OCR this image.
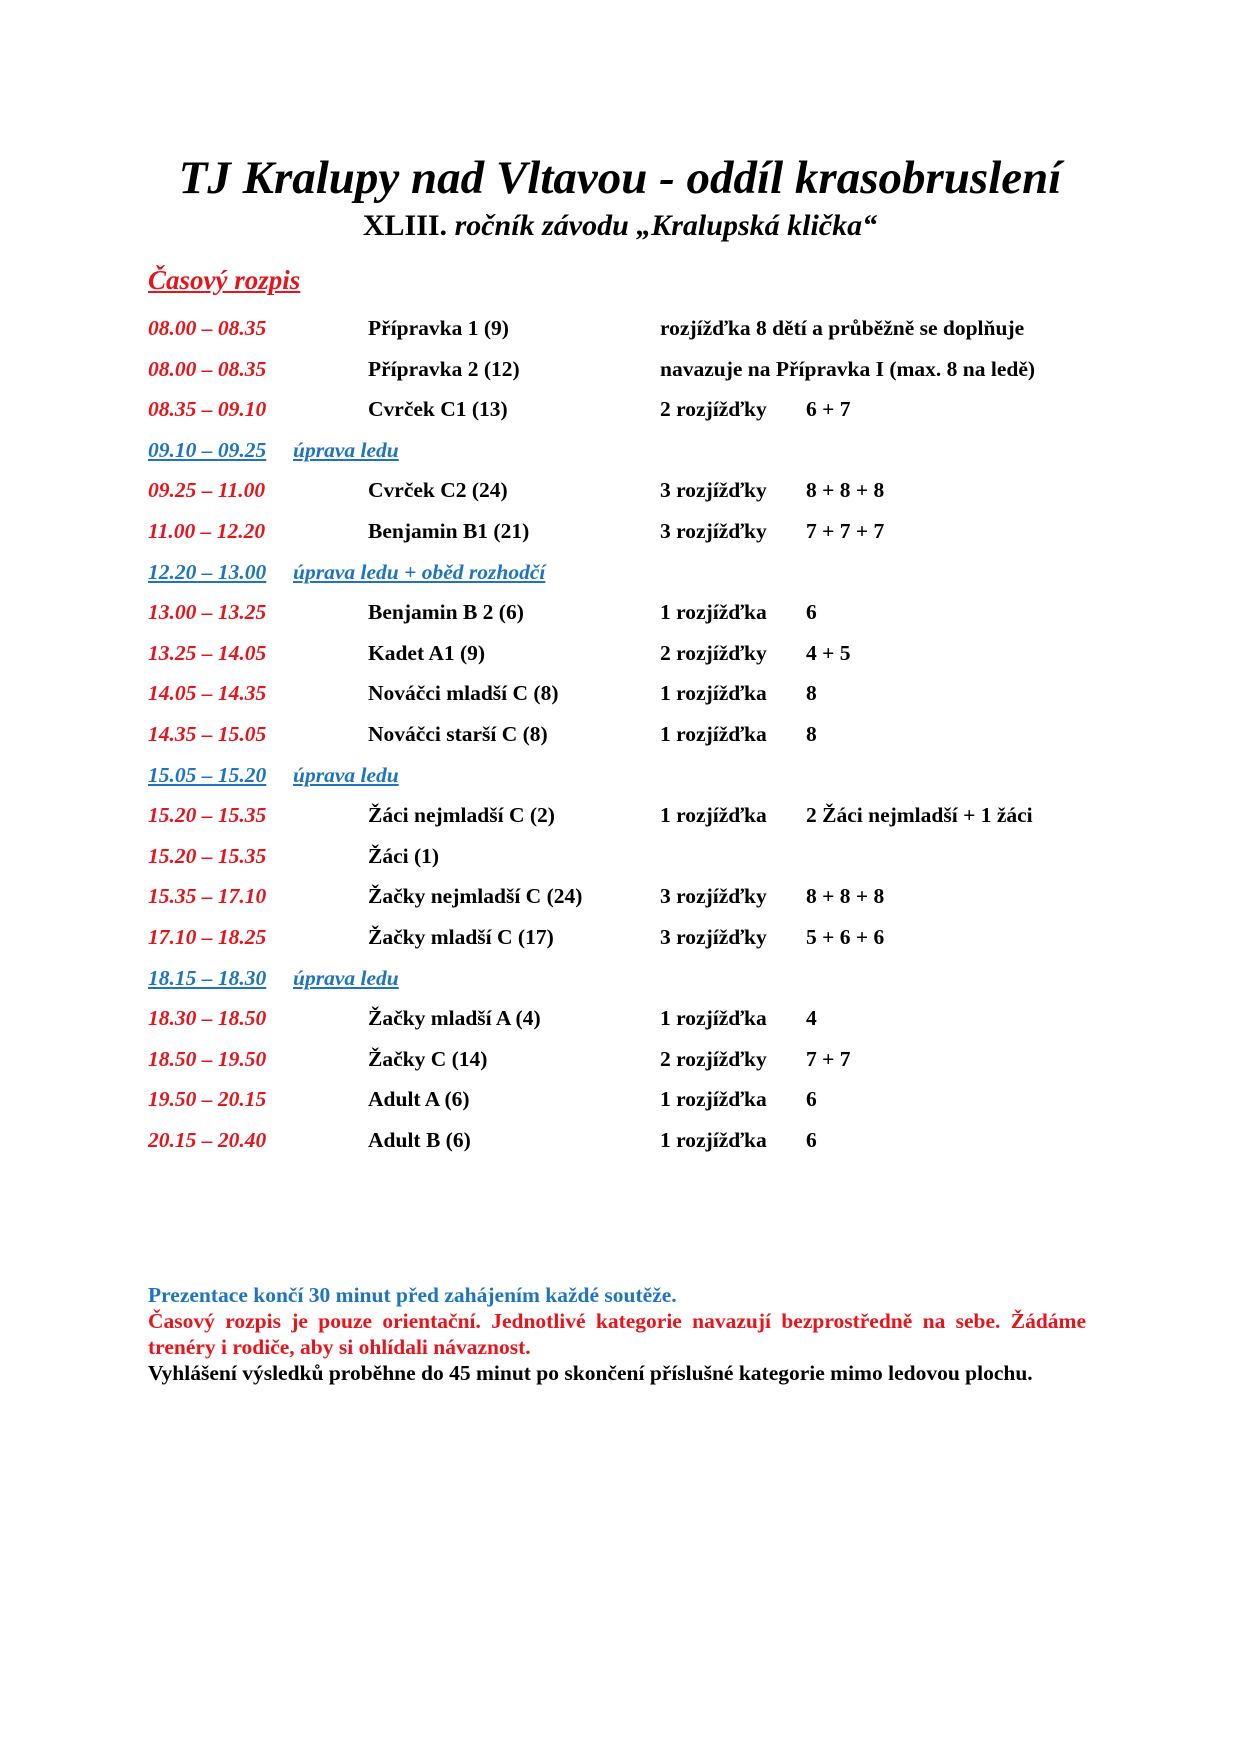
TJ Kralupy nad Vltavou - oddíl krasobruslení
XLIII. ročník závodu „Kralupská klička“
Časový rozpis
08.00 – 08.35	Přípravka 1 (9)	rozjížďka 8 dětí a průběžně se doplňuje
08.00 – 08.35	Přípravka 2 (12)	navazuje na Přípravka I (max. 8 na ledě)
08.35 – 09.10	Cvrček C1 (13)	2 rozjížďky 6 + 7
09.10 – 09.25 úprava ledu
09.25 – 11.00	Cvrček C2 (24)	3 rozjížďky 8 + 8 + 8
11.00 – 12.20	Benjamin B1 (21)	3 rozjížďky 7 + 7 + 7
12.20 – 13.00 úprava ledu + oběd rozhodčí
13.00 – 13.25	Benjamin B 2 (6)	1 rozjížďka 6
13.25 – 14.05	Kadet A1 (9)	2 rozjížďky 4 + 5
14.05 – 14.35	Nováčci mladší C (8)	1 rozjížďka 8
14.35 – 15.05	Nováčci starší C (8)	1 rozjížďka 8
15.05 – 15.20 úprava ledu
15.20 – 15.35	Žáci nejmladší C (2)	1 rozjížďka 2 Žáci nejmladší + 1 žáci
15.20 – 15.35	Žáci (1)
15.35 – 17.10	Žačky nejmladší C (24)	3 rozjížďky 8 + 8 + 8
17.10 – 18.25	Žačky mladší C (17)	3 rozjížďky 5 + 6 + 6
18.15 – 18.30 úprava ledu
18.30 – 18.50	Žačky mladší A (4)	1 rozjížďka 4
18.50 – 19.50	Žačky C (14)	2 rozjížďky 7 + 7
19.50 – 20.15	Adult A (6)	1 rozjížďka 6
20.15 – 20.40	Adult B (6)	1 rozjížďka 6

Prezentace končí 30 minut před zahájením každé soutěže.

Časový rozpis je pouze orientační. Jednotlivé kategorie navazují bezprostředně na sebe. Žádáme trenéry i rodiče, aby si ohlídali návaznost.

Vyhlášení výsledků proběhne do 45 minut po skončení příslušné kategorie mimo ledovou plochu.
